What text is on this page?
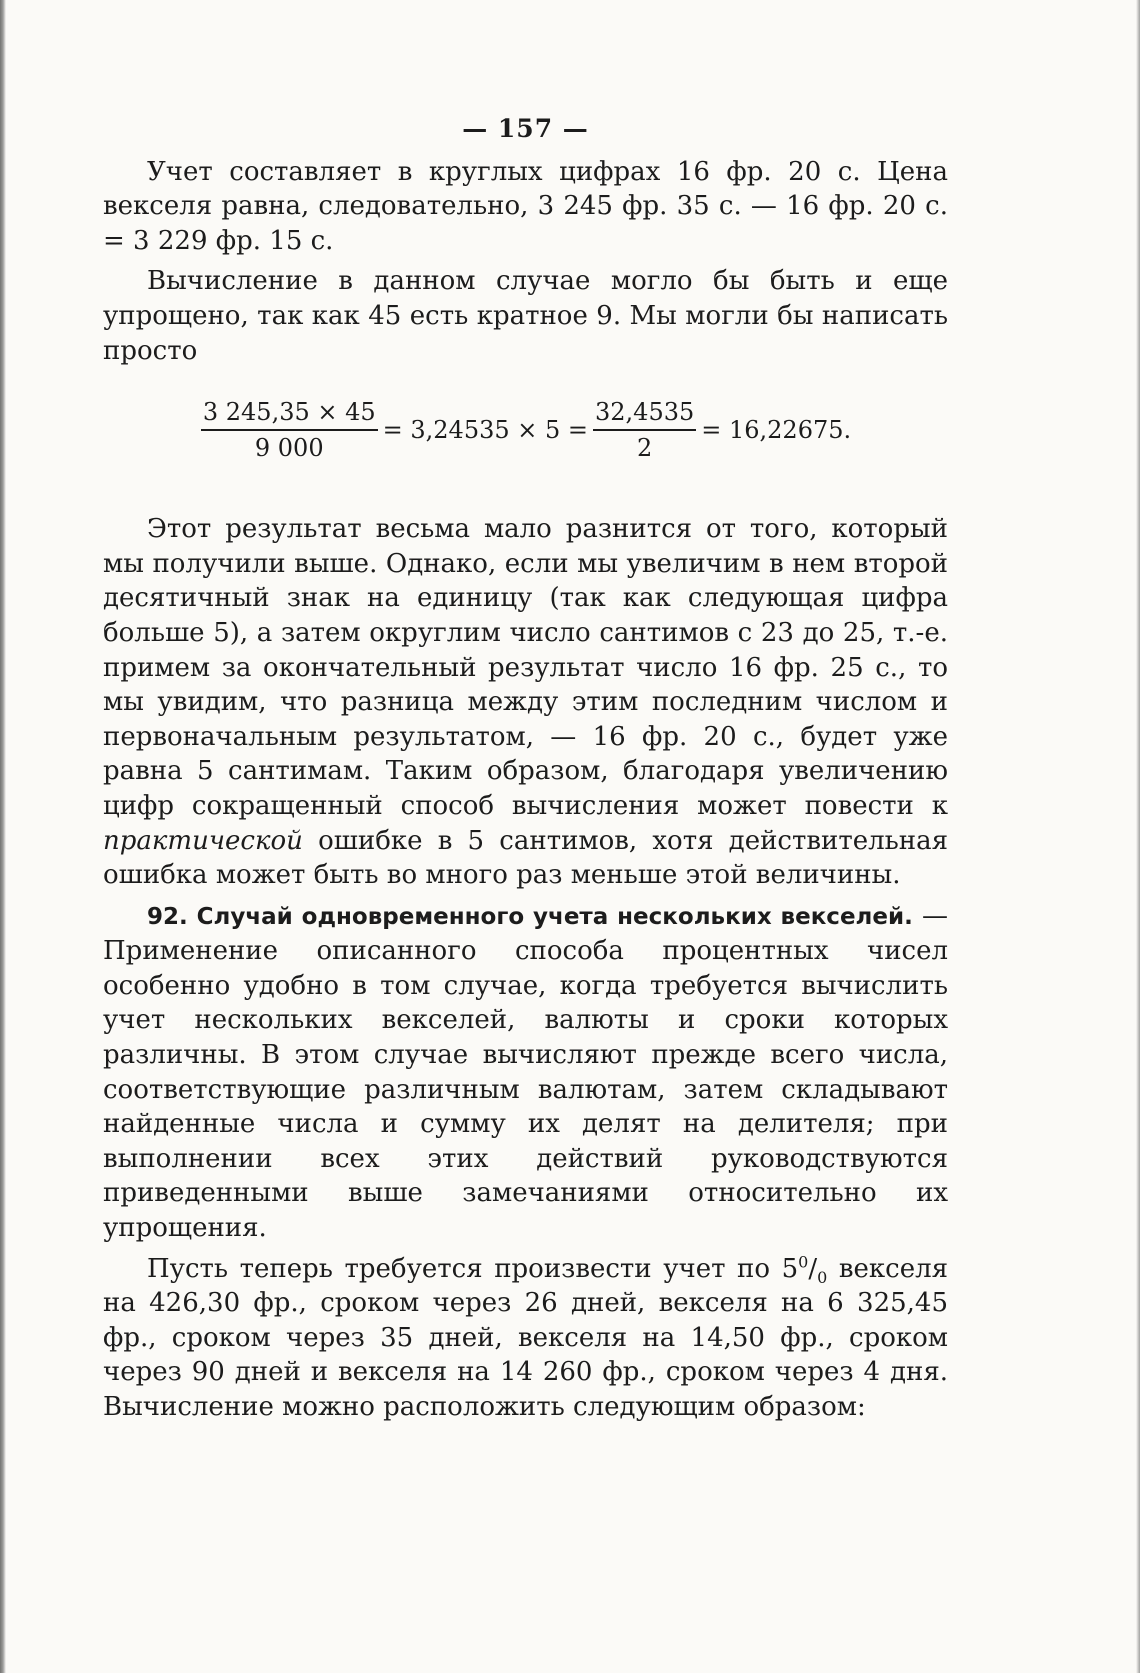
— 157 —

Учет составляет в круглых цифрах 16 фр. 20 с. Цена векселя равна, следовательно, 3 245 фр. 35 с. — 16 фр. 20 с. = 3 229 фр. 15 с.

Вычисление в данном случае могло бы быть и еще упрощено, так как 45 есть кратное 9. Мы могли бы написать просто

$\frac{3 245,35 \times 45}{9 000} = 3,24535 \times 5 = \frac{32,4535}{2} = 16,22675$.

Этот результат весьма мало разнится от того, который мы получили выше. Однако, если мы увеличим в нем второй десятичный знак на единицу (так как следующая цифра больше 5), а затем округлим число сантимов с 23 до 25, т.-е. примем за окончательный результат число 16 фр. 25 с., то мы увидим, что разница между этим последним числом и первоначальным результатом, — 16 фр. 20 с., будет уже равна 5 сантимам. Таким образом, благодаря увеличению цифр сокращенный способ вычисления может повести к практической ошибке в 5 сантимов, хотя действительная ошибка может быть во много раз меньше этой величины.

92. Случай одновременного учета нескольких векселей. — Применение описанного способа процентных чисел особенно удобно в том случае, когда требуется вычислить учет нескольких векселей, валюты и сроки которых различны. В этом случае вычисляют прежде всего числа, соответствующие различным валютам, затем складывают найденные числа и сумму их делят на делителя; при выполнении всех этих действий руководствуются приведенными выше замечаниями относительно их упрощения.

Пусть теперь требуется произвести учет по $5^0/_0$ векселя на 426,30 фр., сроком через 26 дней, векселя на 6 325,45 фр., сроком через 35 дней, векселя на 14,50 фр., сроком через 90 дней и векселя на 14 260 фр., сроком через 4 дня. Вычисление можно расположить следующим образом:
